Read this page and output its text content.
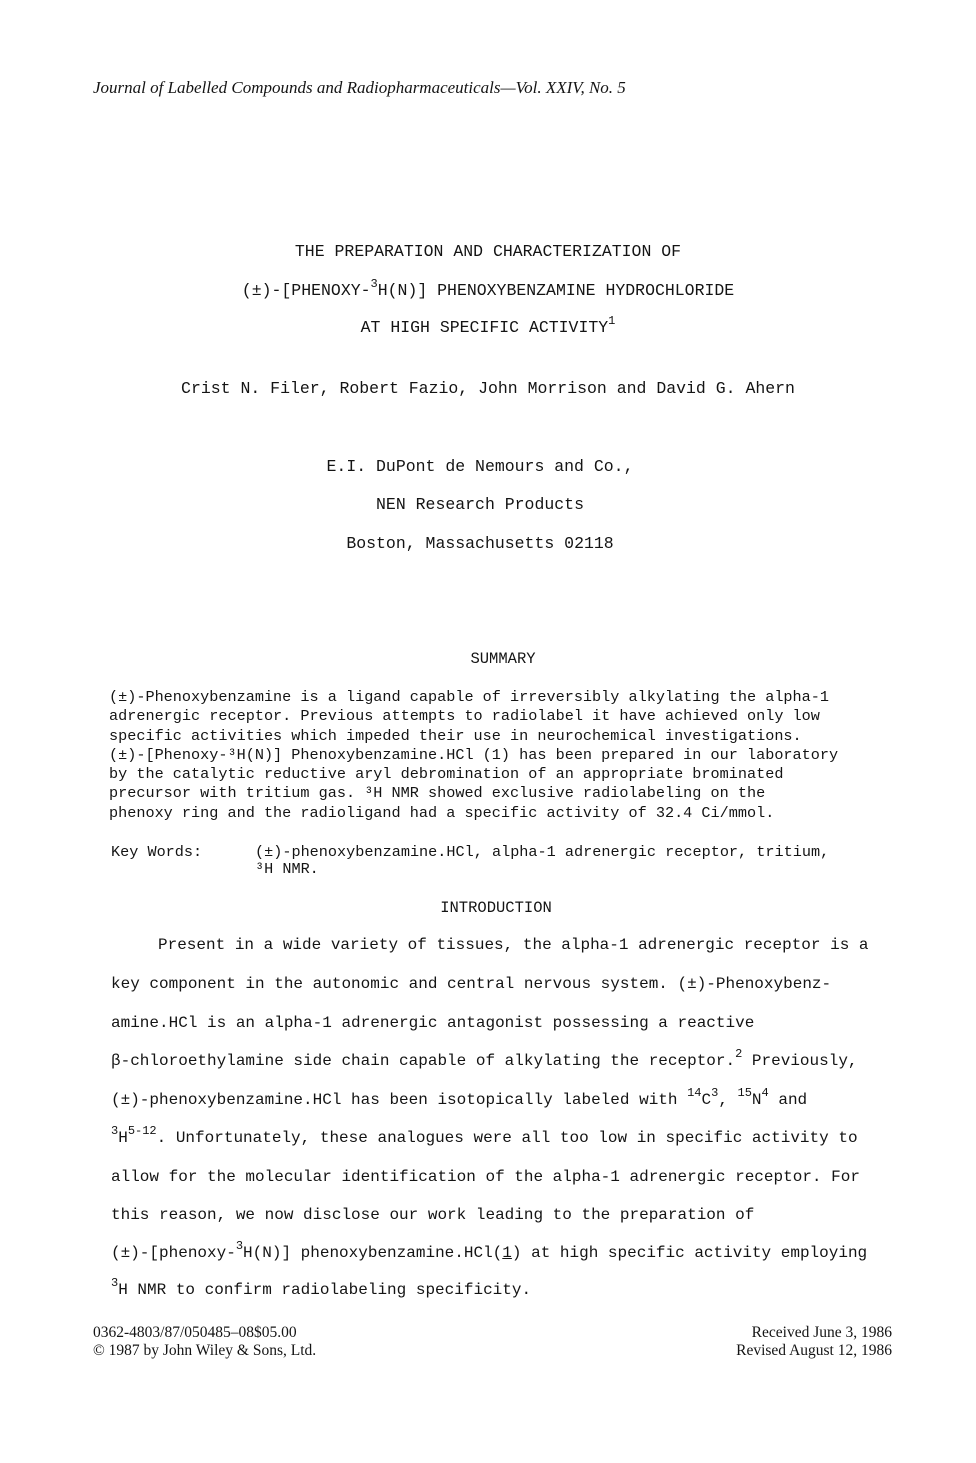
Journal of Labelled Compounds and Radiopharmaceuticals—Vol. XXIV, No. 5
THE PREPARATION AND CHARACTERIZATION OF
(±)-[PHENOXY-$^3$H(N)] PHENOXYBENZAMINE HYDROCHLORIDE
AT HIGH SPECIFIC ACTIVITY$^1$
Crist N. Filer, Robert Fazio, John Morrison and David G. Ahern
E.I. DuPont de Nemours and Co.,
NEN Research Products
Boston, Massachusetts 02118
SUMMARY
(±)-Phenoxybenzamine is a ligand capable of irreversibly alkylating the alpha-1
adrenergic receptor. Previous attempts to radiolabel it have achieved only low
specific activities which impeded their use in neurochemical investigations.
(±)-[Phenoxy-³H(N)] Phenoxybenzamine.HCl (1) has been prepared in our laboratory
by the catalytic reductive aryl debromination of an appropriate brominated
precursor with tritium gas. ³H NMR showed exclusive radiolabeling on the
phenoxy ring and the radioligand had a specific activity of 32.4 Ci/mmol.
Key Words:	(±)-phenoxybenzamine.HCl, alpha-1 adrenergic receptor, tritium,
³H NMR.
INTRODUCTION
Present in a wide variety of tissues, the alpha-1 adrenergic receptor is a
key component in the autonomic and central nervous system. (±)-Phenoxybenz-
amine.HCl is an alpha-1 adrenergic antagonist possessing a reactive
β-chloroethylamine side chain capable of alkylating the receptor.$^2$ Previously,
(±)-phenoxybenzamine.HCl has been isotopically labeled with $^{14}C^3$, $^{15}N^4$ and
$^3H^{5-12}$. Unfortunately, these analogues were all too low in specific activity to
allow for the molecular identification of the alpha-1 adrenergic receptor. For
this reason, we now disclose our work leading to the preparation of
(±)-[phenoxy-$^3$H(N)] phenoxybenzamine.HCl(1) at high specific activity employing
$^3$H NMR to confirm radiolabeling specificity.
0362-4803/87/050485–08$05.00
© 1987 by John Wiley & Sons, Ltd.
Received June 3, 1986
Revised August 12, 1986
